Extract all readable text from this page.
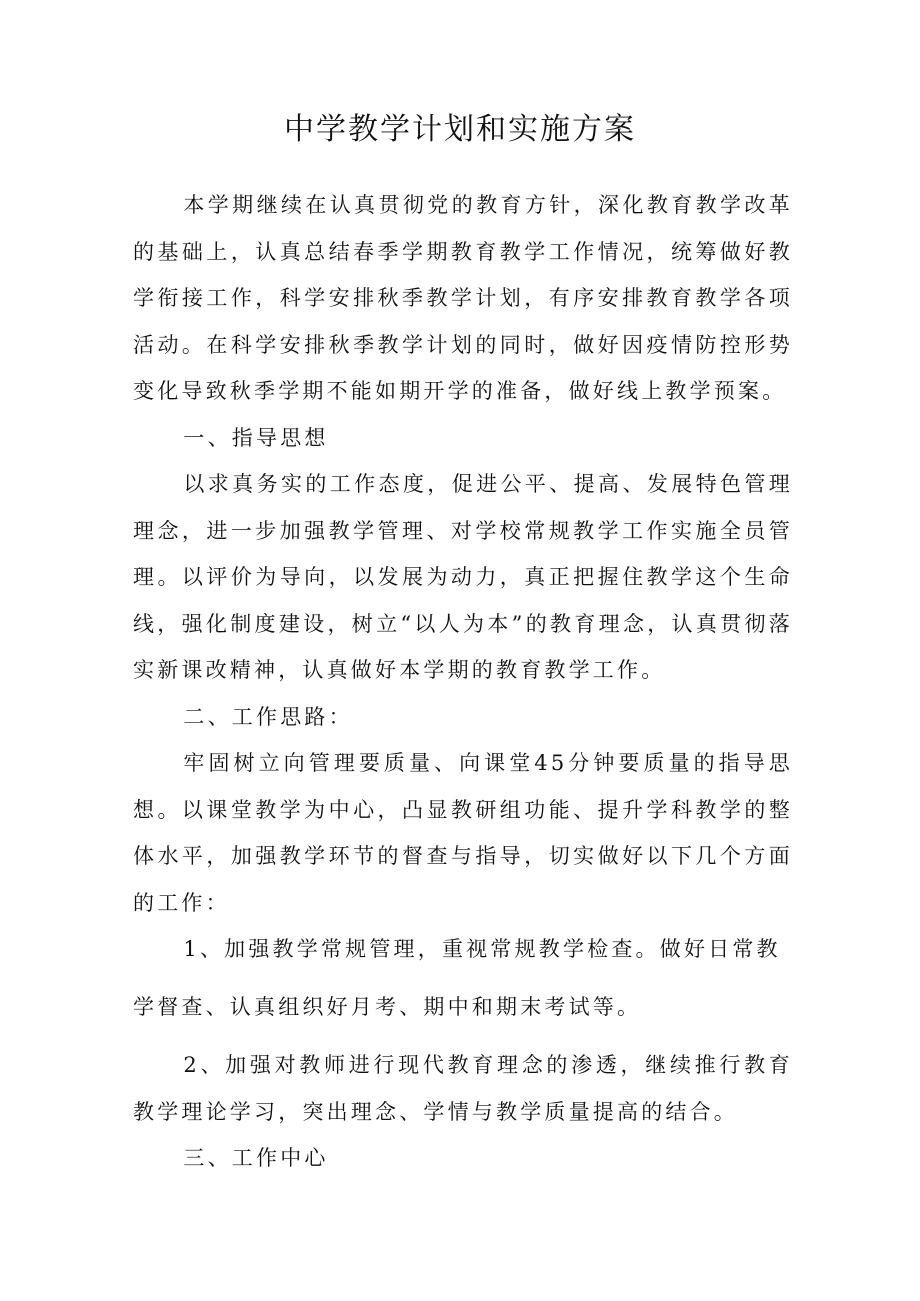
中学教学计划和实施方案

本学期继续在认真贯彻党的教育方针，深化教育教学改革的基础上，认真总结春季学期教育教学工作情况，统筹做好教学衔接工作，科学安排秋季教学计划，有序安排教育教学各项活动。在科学安排秋季教学计划的同时，做好因疫情防控形势变化导致秋季学期不能如期开学的准备，做好线上教学预案。

一、指导思想

以求真务实的工作态度，促进公平、提高、发展特色管理理念，进一步加强教学管理、对学校常规教学工作实施全员管理。以评价为导向，以发展为动力，真正把握住教学这个生命线，强化制度建设，树立“以人为本”的教育理念，认真贯彻落实新课改精神，认真做好本学期的教育教学工作。

二、工作思路：

牢固树立向管理要质量、向课堂45分钟要质量的指导思想。以课堂教学为中心，凸显教研组功能、提升学科教学的整体水平，加强教学环节的督查与指导，切实做好以下几个方面的工作：

1、加强教学常规管理，重视常规教学检查。做好日常教
学督查、认真组织好月考、期中和期末考试等。

2、加强对教师进行现代教育理念的渗透，继续推行教育教学理论学习，突出理念、学情与教学质量提高的结合。

三、工作中心
